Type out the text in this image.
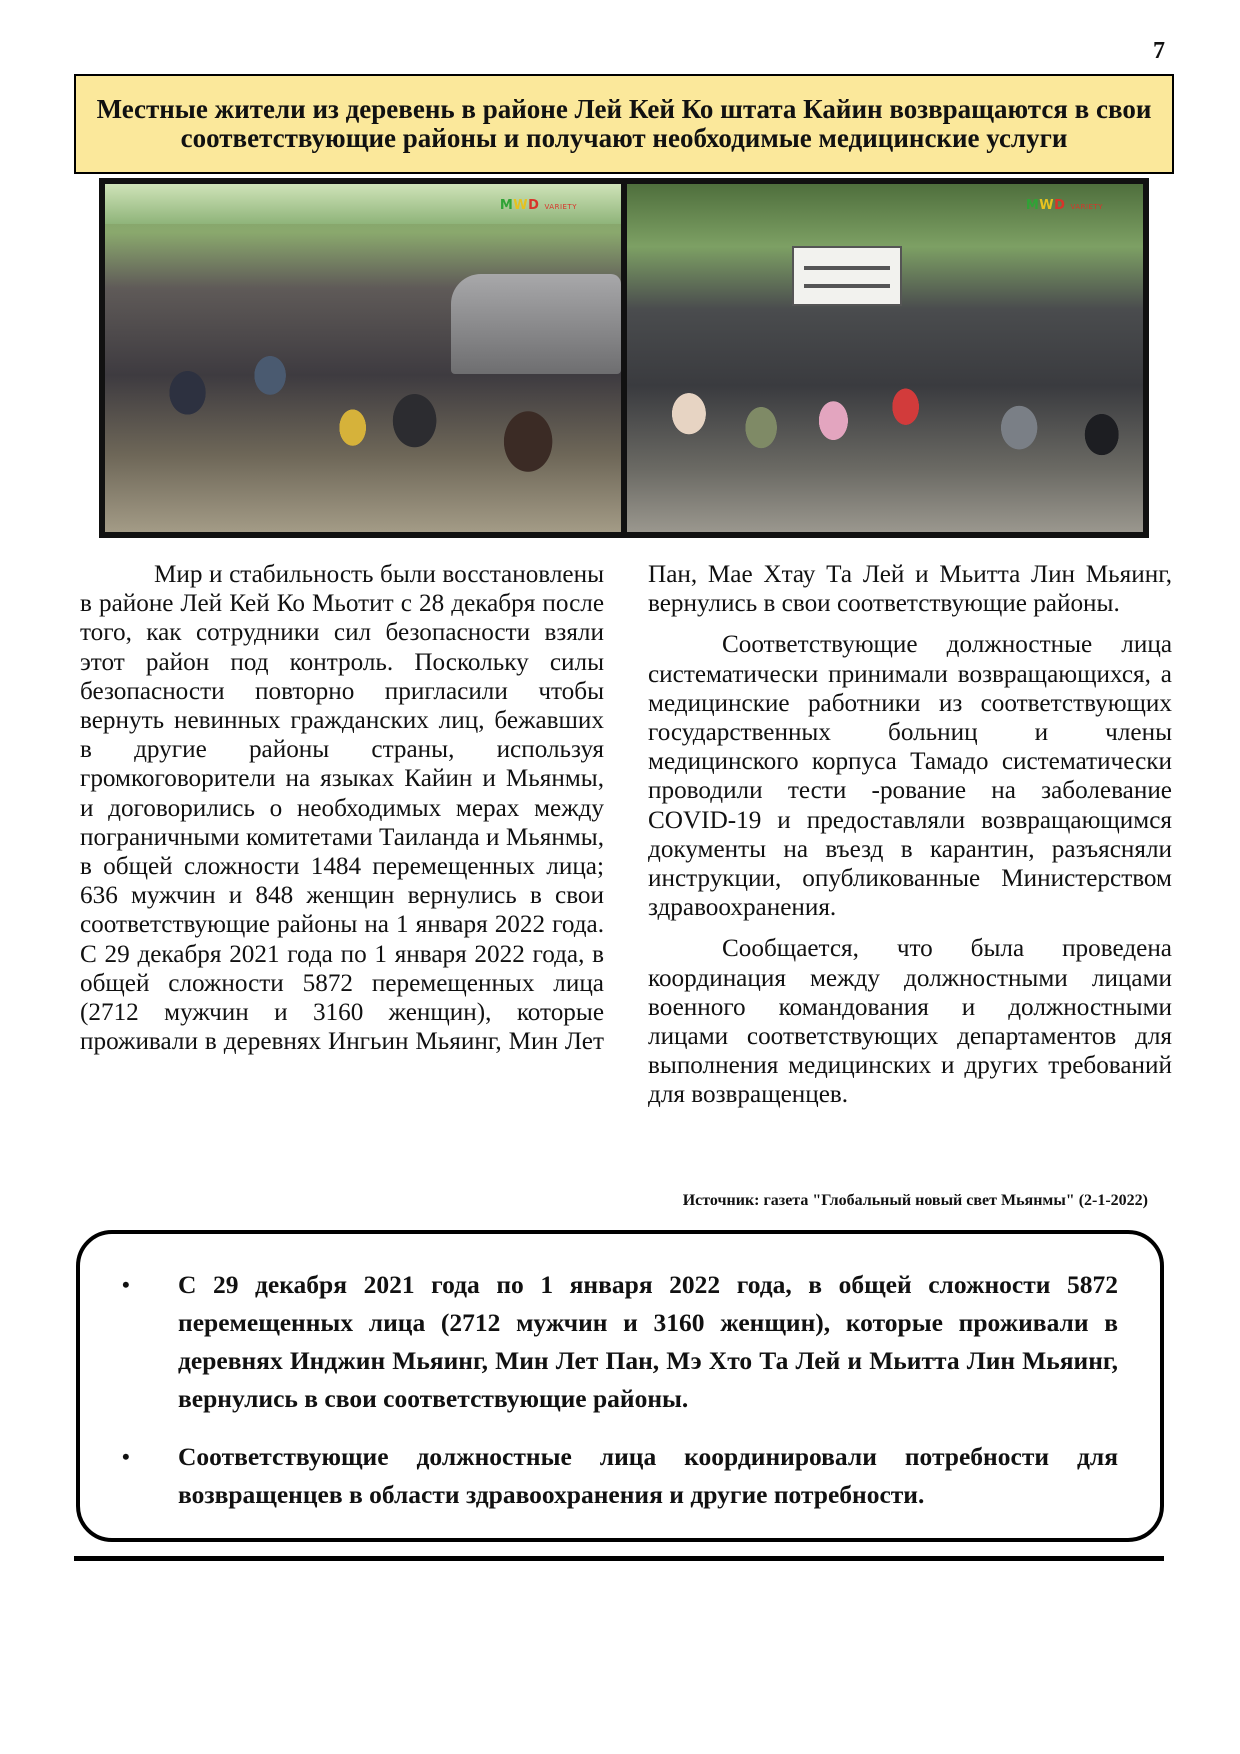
7
Местные жители из деревень в районе Лей Кей Ко штата Кайин возвращаются в свои соответствующие районы и получают необходимые медицинские услуги
MWD VARIETY	MWD VARIETY

Мир и стабильность были восстановлены в районе Лей Кей Ко Мьотит с 28 декабря после того, как сотрудники сил безопасности взяли этот район под контроль. Поскольку силы безопасности повторно пригласили чтобы вернуть невинных гражданских лиц, бежавших в другие районы страны, используя громкоговорители на языках Кайин и Мьянмы, и договорились о необходимых мерах между пограничными комитетами Таиланда и Мьянмы, в общей сложности 1484 перемещенных лица; 636 мужчин и 848 женщин вернулись в свои соответствующие районы на 1 января 2022 года. С 29 декабря 2021 года по 1 января 2022 года, в общей сложности 5872 перемещенных лица (2712 мужчин и 3160 женщин), которые проживали в деревнях Ингьин Мьяинг, Мин Лет Пан, Мае Хтау Та Лей и Мьитта Лин Мьяинг, вернулись в свои соответствующие районы.

Соответствующие должностные лица систематически принимали возвращающихся, а медицинские работники из соответствующих государственных больниц и члены медицинского корпуса Тамадо систематически проводили тести -рование на заболевание COVID-19 и предоставляли возвращающимся документы на въезд в карантин, разъясняли инструкции, опубликованные Министерством здравоохранения.

Сообщается, что была проведена координация между должностными лицами военного командования и должностными лицами соответствующих департаментов для выполнения медицинских и других требований для возвращенцев.

Источник: газета "Глобальный новый свет Мьянмы" (2-1-2022)
• С 29 декабря 2021 года по 1 января 2022 года, в общей сложности 5872 перемещенных лица (2712 мужчин и 3160 женщин), которые проживали в деревнях Инджин Мьяинг, Мин Лет Пан, Мэ Хто Та Лей и Мьитта Лин Мьяинг, вернулись в свои соответствующие районы.
• Соответствующие должностные лица координировали потребности для возвращенцев в области здравоохранения и другие потребности.
